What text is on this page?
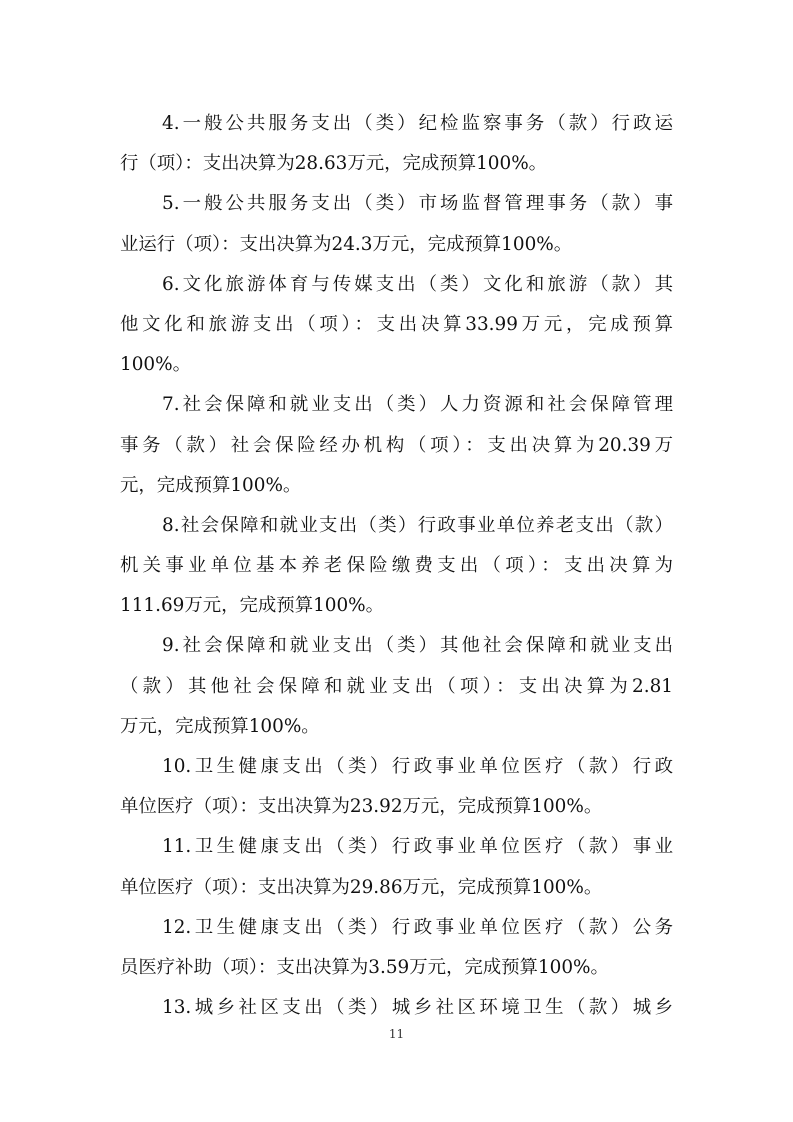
4.一般公共服务支出（类）纪检监察事务（款）行政运
行（项）：支出决算为28.63万元，完成预算100%。
5.一般公共服务支出（类）市场监督管理事务（款）事
业运行（项）：支出决算为24.3万元，完成预算100%。
6.文化旅游体育与传媒支出（类）文化和旅游（款）其
他文化和旅游支出（项）：支出决算33.99万元，完成预算
100%。
7.社会保障和就业支出（类）人力资源和社会保障管理
事务（款）社会保险经办机构（项）：支出决算为20.39万
元，完成预算100%。
8.社会保障和就业支出（类）行政事业单位养老支出（款）
机关事业单位基本养老保险缴费支出（项）：支出决算为
111.69万元，完成预算100%。
9.社会保障和就业支出（类）其他社会保障和就业支出
（款）其他社会保障和就业支出（项）：支出决算为2.81
万元，完成预算100%。
10.卫生健康支出（类）行政事业单位医疗（款）行政
单位医疗（项）：支出决算为23.92万元，完成预算100%。
11.卫生健康支出（类）行政事业单位医疗（款）事业
单位医疗（项）：支出决算为29.86万元，完成预算100%。
12.卫生健康支出（类）行政事业单位医疗（款）公务
员医疗补助（项）：支出决算为3.59万元，完成预算100%。
13.城乡社区支出（类）城乡社区环境卫生（款）城乡
11
